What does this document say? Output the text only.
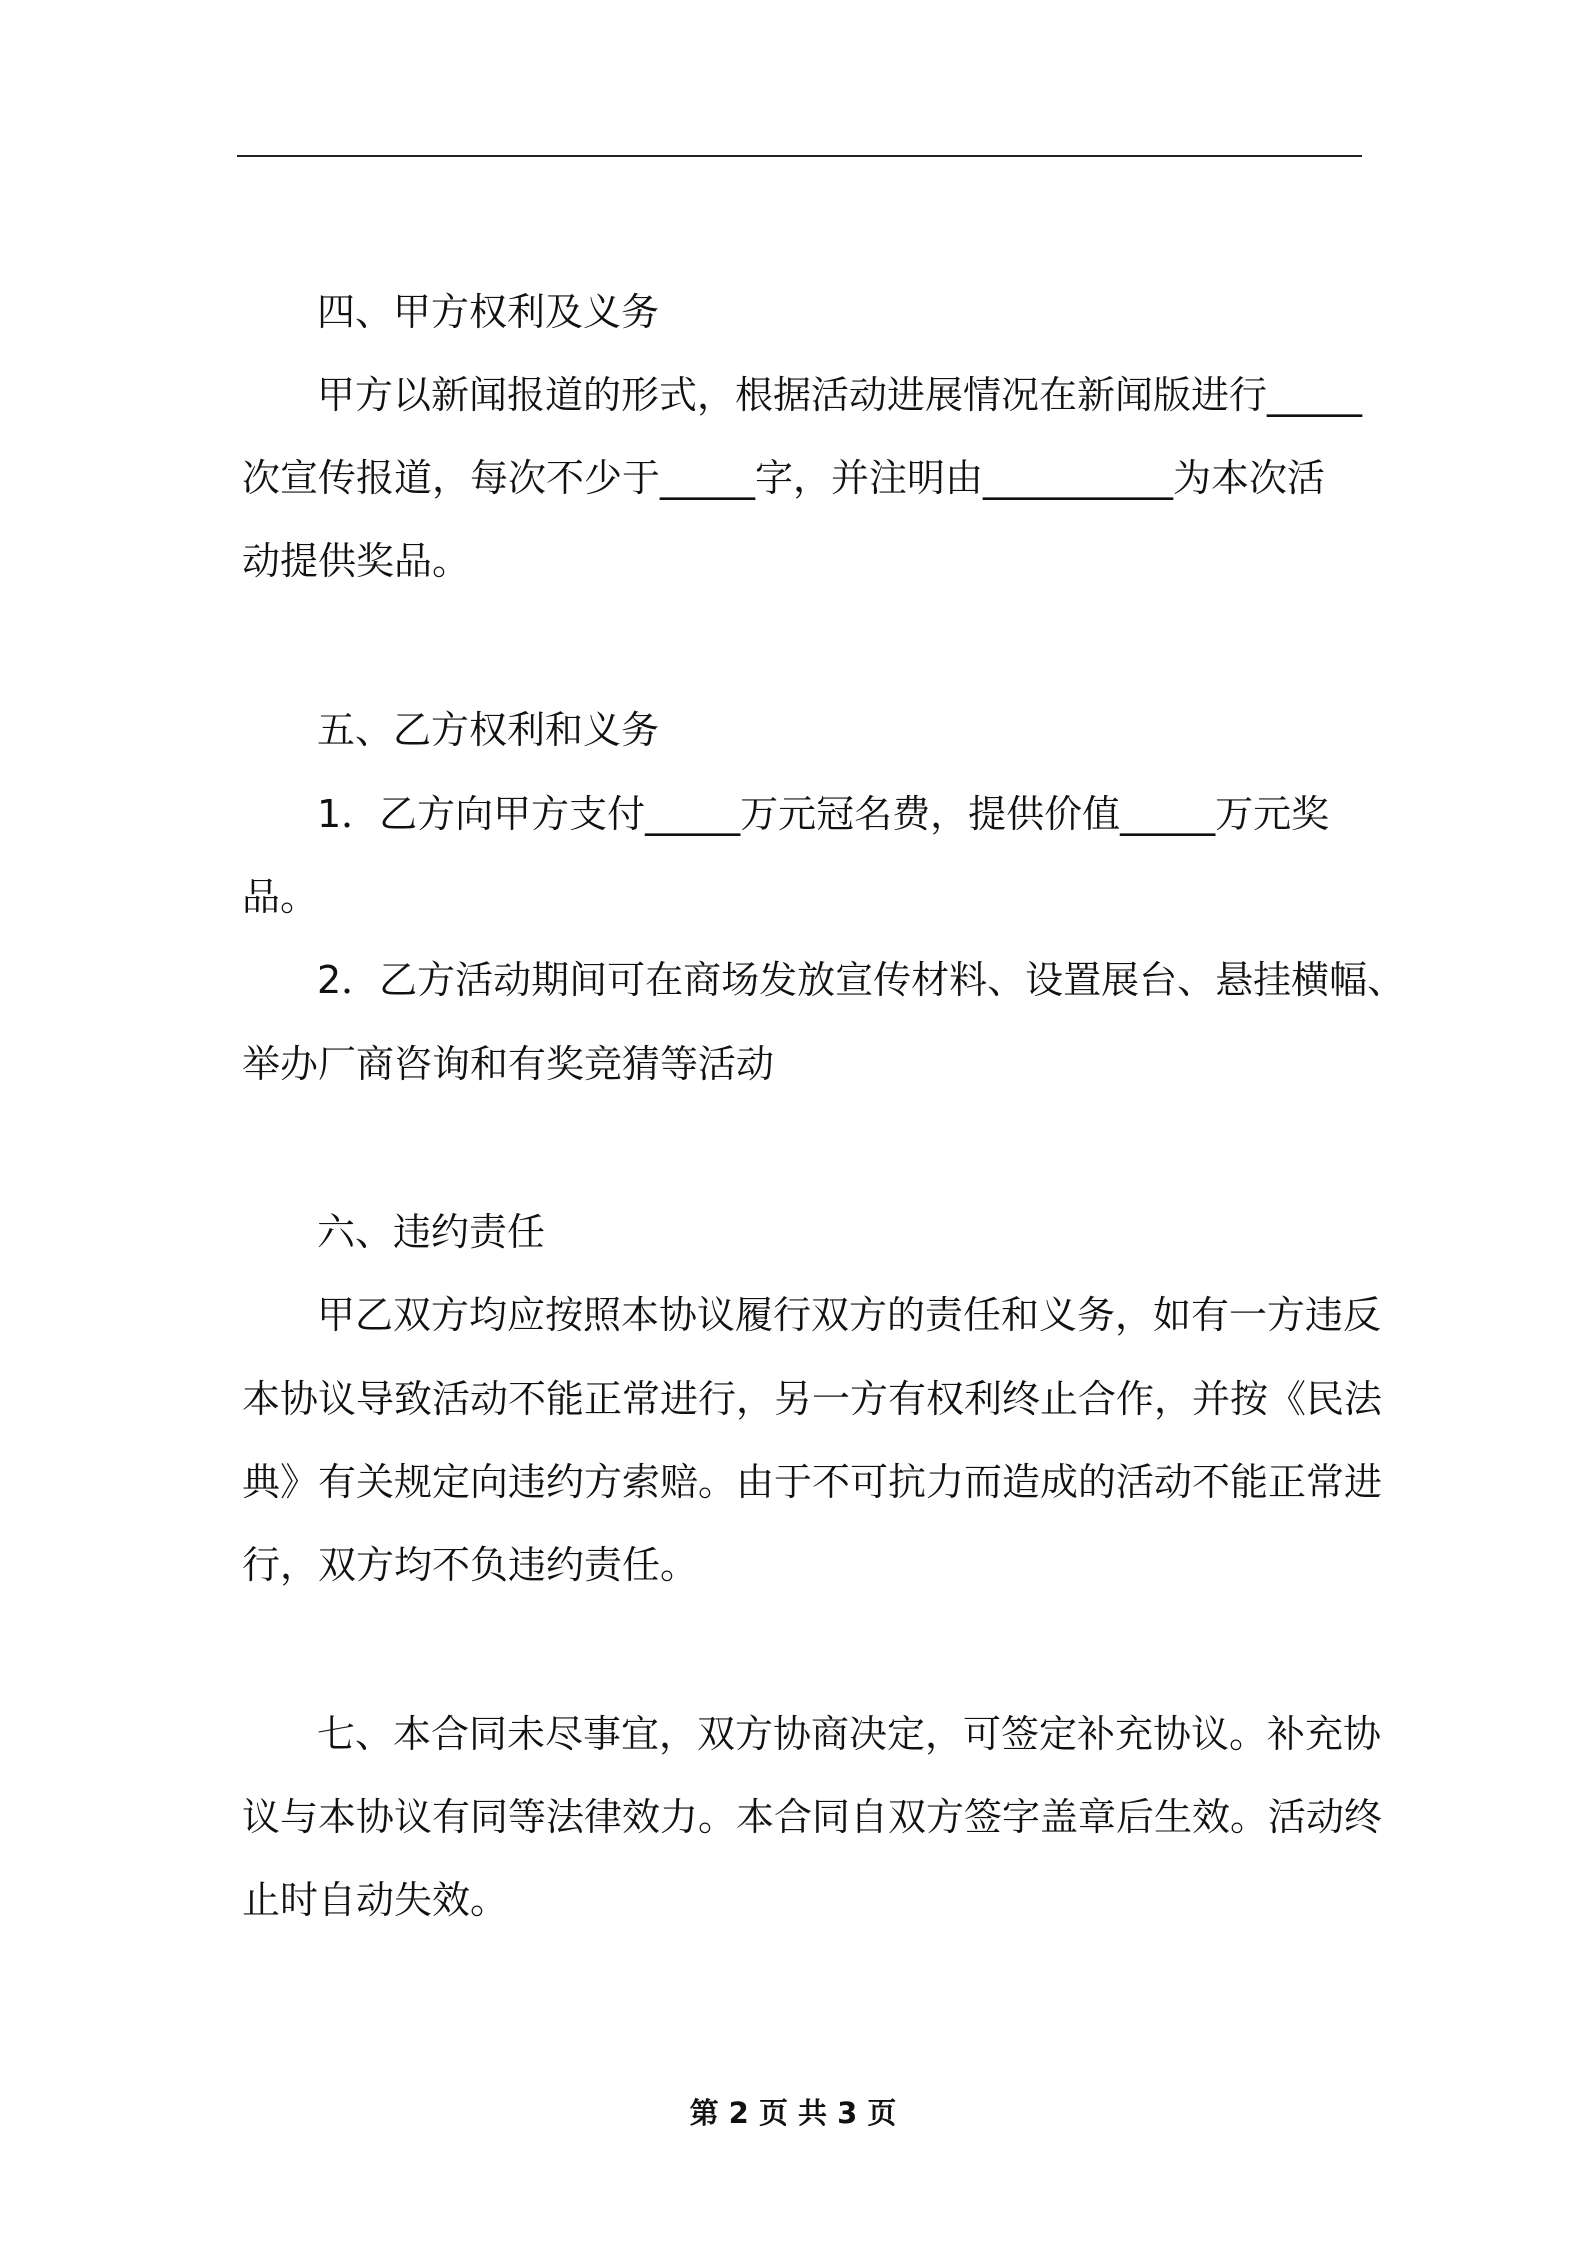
四、甲方权利及义务
甲方以新闻报道的形式，根据活动进展情况在新闻版进行_____
次宣传报道，每次不少于_____字，并注明由__________为本次活
动提供奖品。
五、乙方权利和义务
1．乙方向甲方支付_____万元冠名费，提供价值_____万元奖
品。
2．乙方活动期间可在商场发放宣传材料、设置展台、悬挂横幅、
举办厂商咨询和有奖竞猜等活动
六、违约责任
甲乙双方均应按照本协议履行双方的责任和义务，如有一方违反
本协议导致活动不能正常进行，另一方有权利终止合作，并按《民法
典》有关规定向违约方索赔。由于不可抗力而造成的活动不能正常进
行，双方均不负违约责任。
七、本合同未尽事宜，双方协商决定，可签定补充协议。补充协
议与本协议有同等法律效力。本合同自双方签字盖章后生效。活动终
止时自动失效。
第 2 页 共 3 页
